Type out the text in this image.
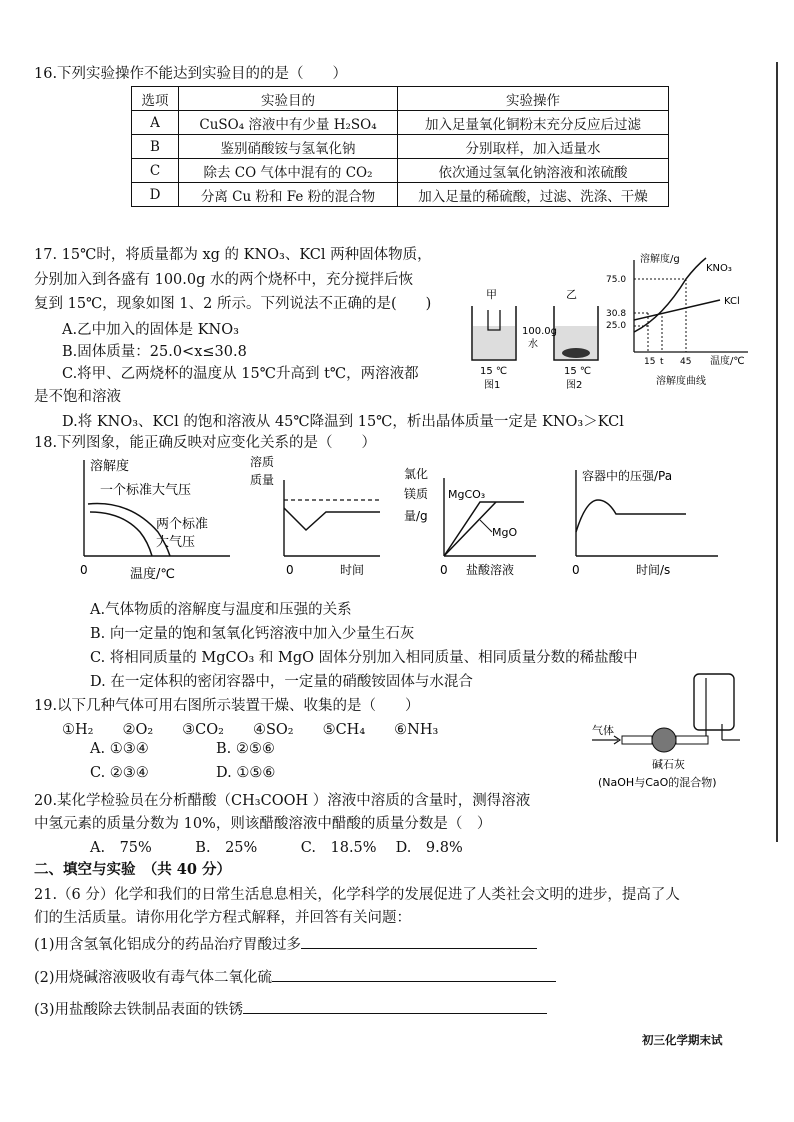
16.下列实验操作不能达到实验目的的是（　　）
选项	实验目的	实验操作
A	CuSO₄ 溶液中有少量 H₂SO₄	加入足量氧化铜粉末充分反应后过滤
B	鉴别硝酸铵与氢氧化钠	分别取样，加入适量水
C	除去 CO 气体中混有的 CO₂	依次通过氢氧化钠溶液和浓硫酸
D	分离 Cu 粉和 Fe 粉的混合物	加入足量的稀硫酸，过滤、洗涤、干燥
17. 15℃时，将质量都为 xg 的 KNO₃、KCl 两种固体物质，
分别加入到各盛有 100.0g 水的两个烧杯中，充分搅拌后恢
复到 15℃，现象如图 1、2 所示。下列说法不正确的是(　　)
A.乙中加入的固体是 KNO₃
B.固体质量：25.0<x≤30.8
C.将甲、乙两烧杯的温度从 15℃升高到 t℃，两溶液都
是不饱和溶液
D.将 KNO₃、KCl 的饱和溶液从 45℃降温到 15℃，析出晶体质量一定是 KNO₃＞KCl
甲	乙
100.0g
水
15 ℃	15 ℃
图1	图2
溶解度/g
温度/℃
75.0
30.8
25.0
KNO₃
KCl
15 t 45
溶解度曲线
18.下列图象，能正确反映对应变化关系的是（　　）
溶解度
一个标准大气压
两个标准
大气压
0	温度/℃
溶质
质量
0	时间
氯化
镁质
量/g
MgCO₃
MgO
0 盐酸溶液
容器中的压强/Pa
0	时间/s
A.气体物质的溶解度与温度和压强的关系
B. 向一定量的饱和氢氧化钙溶液中加入少量生石灰
C. 将相同质量的 MgCO₃ 和 MgO 固体分别加入相同质量、相同质量分数的稀盐酸中
D. 在一定体积的密闭容器中，一定量的硝酸铵固体与水混合
19.以下几种气体可用右图所示装置干燥、收集的是（　　）
①H₂　　②O₂　　③CO₂　　④SO₂　　⑤CH₄　　⑥NH₃
A. ①③④	B. ②⑤⑥
C. ②③④	D. ①⑤⑥
气体
碱石灰
(NaOH与CaO的混合物)
20.某化学检验员在分析醋酸（CH₃COOH ）溶液中溶质的含量时，测得溶液
中氢元素的质量分数为 10%，则该醋酸溶液中醋酸的质量分数是（　）
A.　75%　　　B.　25%　　　C.　18.5%　 D.　9.8%
二、填空与实验　（共 40 分）
21.（6 分）化学和我们的日常生活息息相关，化学科学的发展促进了人类社会文明的进步，提高了人
们的生活质量。请你用化学方程式解释，并回答有关问题：
(1)用含氢氧化铝成分的药品治疗胃酸过多
(2)用烧碱溶液吸收有毒气体二氧化硫
(3)用盐酸除去铁制品表面的铁锈
初三化学期末试
